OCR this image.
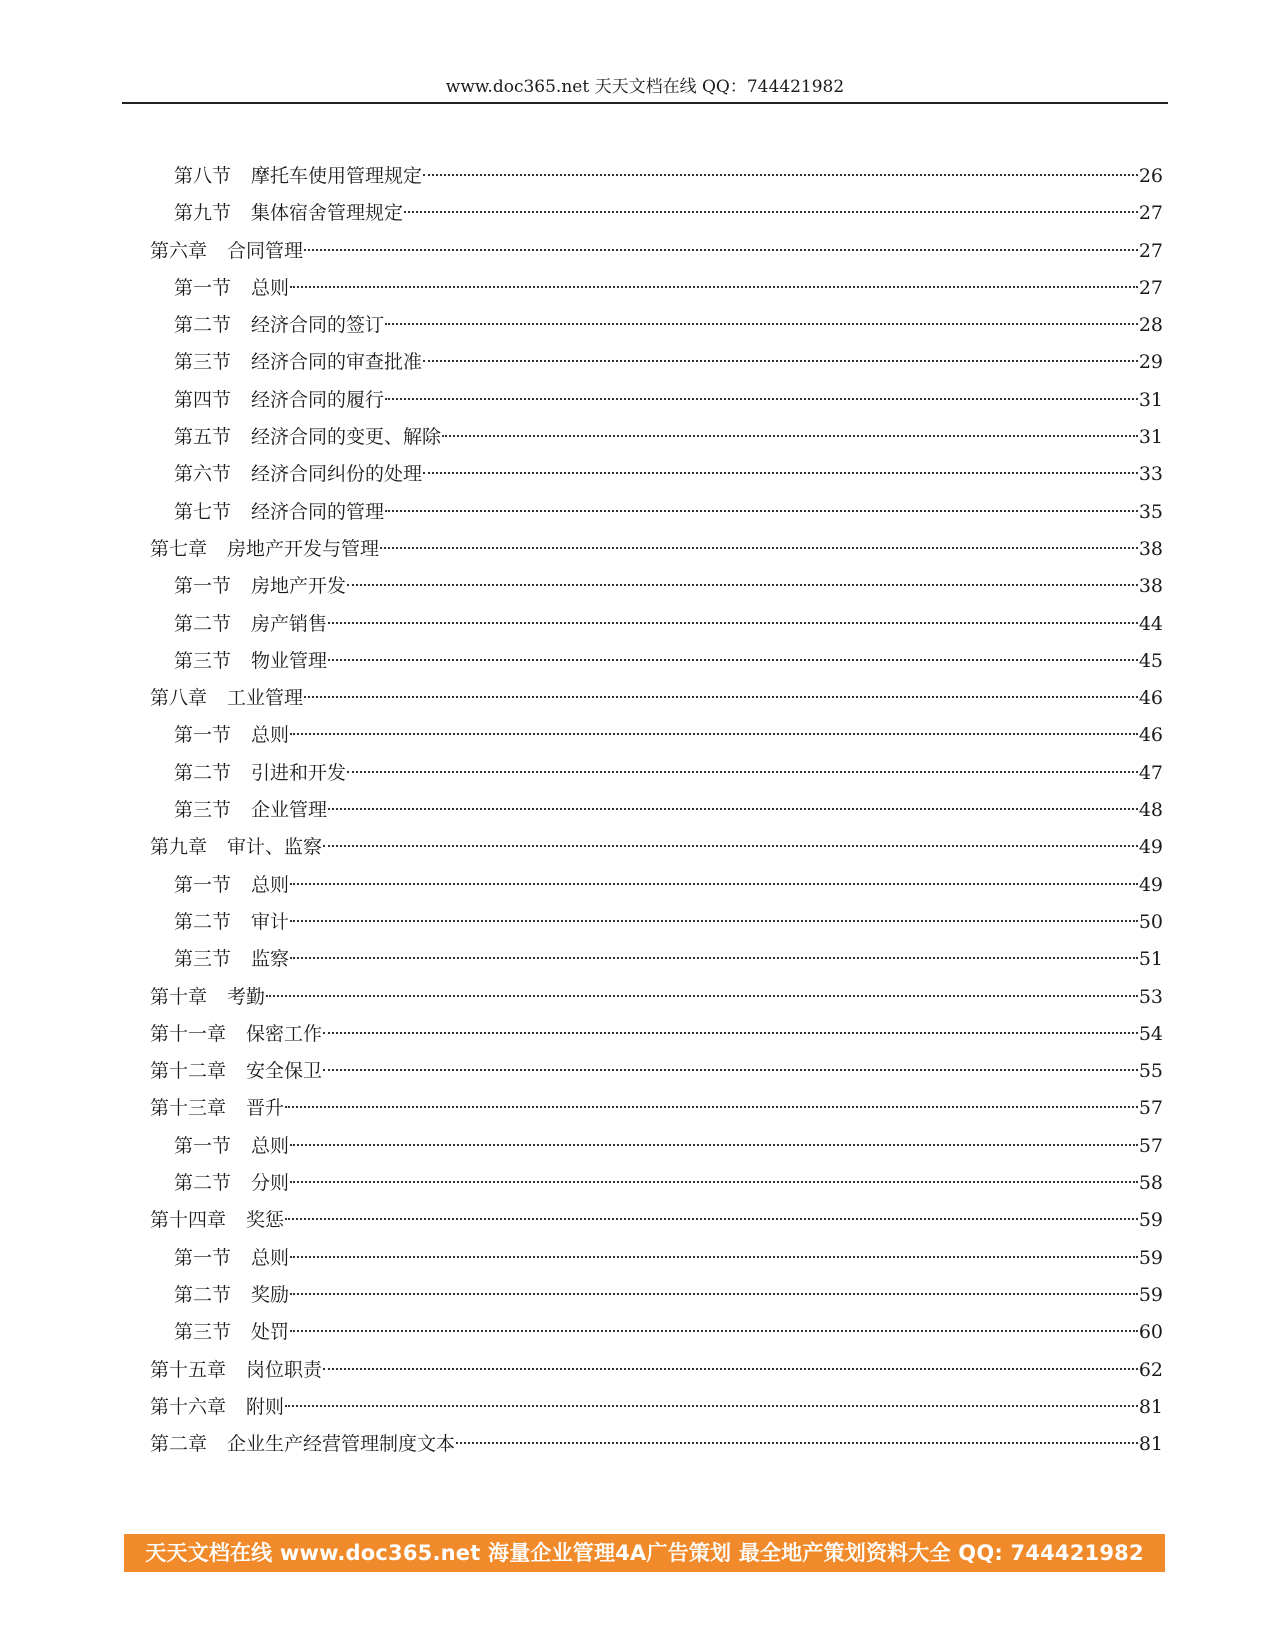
www.doc365.net 天天文档在线 QQ：744421982
第八节 摩托车使用管理规定	26
第九节 集体宿舍管理规定	27
第六章 合同管理	27
第一节 总则	27
第二节 经济合同的签订	28
第三节 经济合同的审查批准	29
第四节 经济合同的履行	31
第五节 经济合同的变更、解除	31
第六节 经济合同纠份的处理	33
第七节 经济合同的管理	35
第七章 房地产开发与管理	38
第一节 房地产开发	38
第二节 房产销售	44
第三节 物业管理	45
第八章 工业管理	46
第一节 总则	46
第二节 引进和开发	47
第三节 企业管理	48
第九章 审计、监察	49
第一节 总则	49
第二节 审计	50
第三节 监察	51
第十章 考勤	53
第十一章 保密工作	54
第十二章 安全保卫	55
第十三章 晋升	57
第一节 总则	57
第二节 分则	58
第十四章 奖惩	59
第一节 总则	59
第二节 奖励	59
第三节 处罚	60
第十五章 岗位职责	62
第十六章 附则	81
第二章 企业生产经营管理制度文本	81
天天文档在线 www.doc365.net 海量企业管理4A广告策划 最全地产策划资料大全 QQ: 744421982
